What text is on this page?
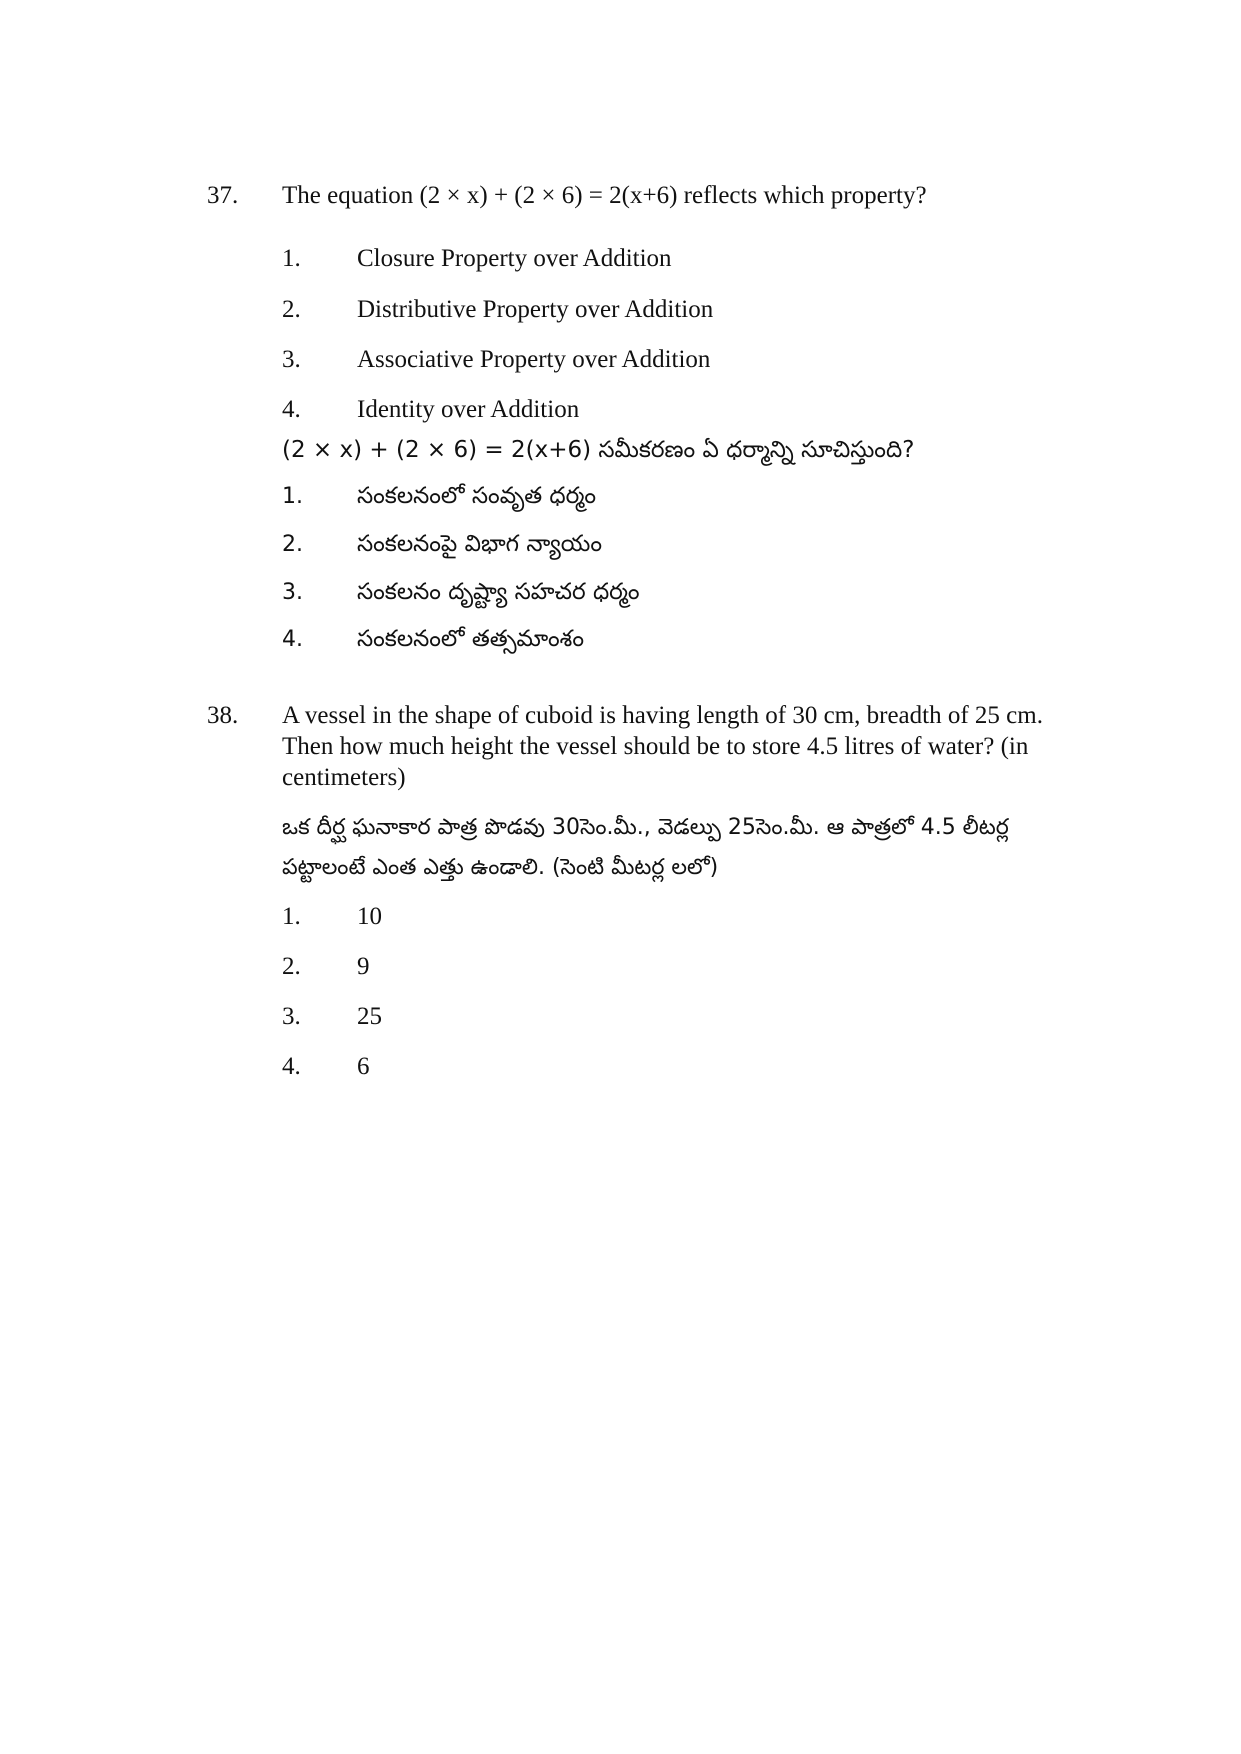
37. The equation (2 × x) + (2 × 6) = 2(x+6) reflects which property?
1. Closure Property over Addition
2. Distributive Property over Addition
3. Associative Property over Addition
4. Identity over Addition
(2 × x) + (2 × 6) = 2(x+6) సమీకరణం ఏ ధర్మాన్ని సూచిస్తుంది?
1. సంకలనంలో సంవృత ధర్మం
2. సంకలనంపై విభాగ న్యాయం
3. సంకలనం దృష్ట్యా సహచర ధర్మం
4. సంకలనంలో తత్సమాంశం
38. A vessel in the shape of cuboid is having length of 30 cm, breadth of 25 cm. Then how much height the vessel should be to store 4.5 litres of water? (in centimeters)
ఒక దీర్ఘ ఘనాకార పాత్ర పొడవు 30సెం.మీ., వెడల్పు 25సెం.మీ. ఆ పాత్రలో 4.5 లీటర్ల పట్టాలంటే ఎంత ఎత్తు ఉండాలి. (సెంటి మీటర్ల లలో)
1. 10
2. 9
3. 25
4. 6
